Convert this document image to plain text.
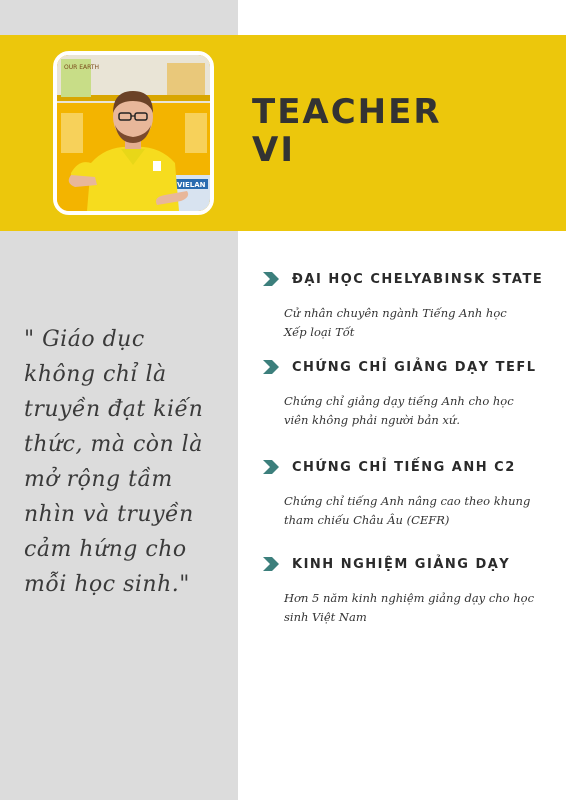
OUR EARTH
VIELAN
TEACHER
VI
" Giáo dục không chỉ là truyền đạt kiến thức, mà còn là mở rộng tầm nhìn và truyền cảm hứng cho mỗi học sinh."
ĐẠI HỌC CHELYABINSK STATE
Cử nhân chuyên ngành Tiếng Anh học
Xếp loại Tốt
CHỨNG CHỈ GIẢNG DẠY TEFL
Chứng chỉ giảng dạy tiếng Anh cho học
viên không phải người bản xứ.
CHỨNG CHỈ TIẾNG ANH C2
Chứng chỉ tiếng Anh nâng cao theo khung
tham chiếu Châu Âu (CEFR)
KINH NGHIỆM GIẢNG DẠY
Hơn 5 năm kinh nghiệm giảng dạy cho học
sinh Việt Nam
